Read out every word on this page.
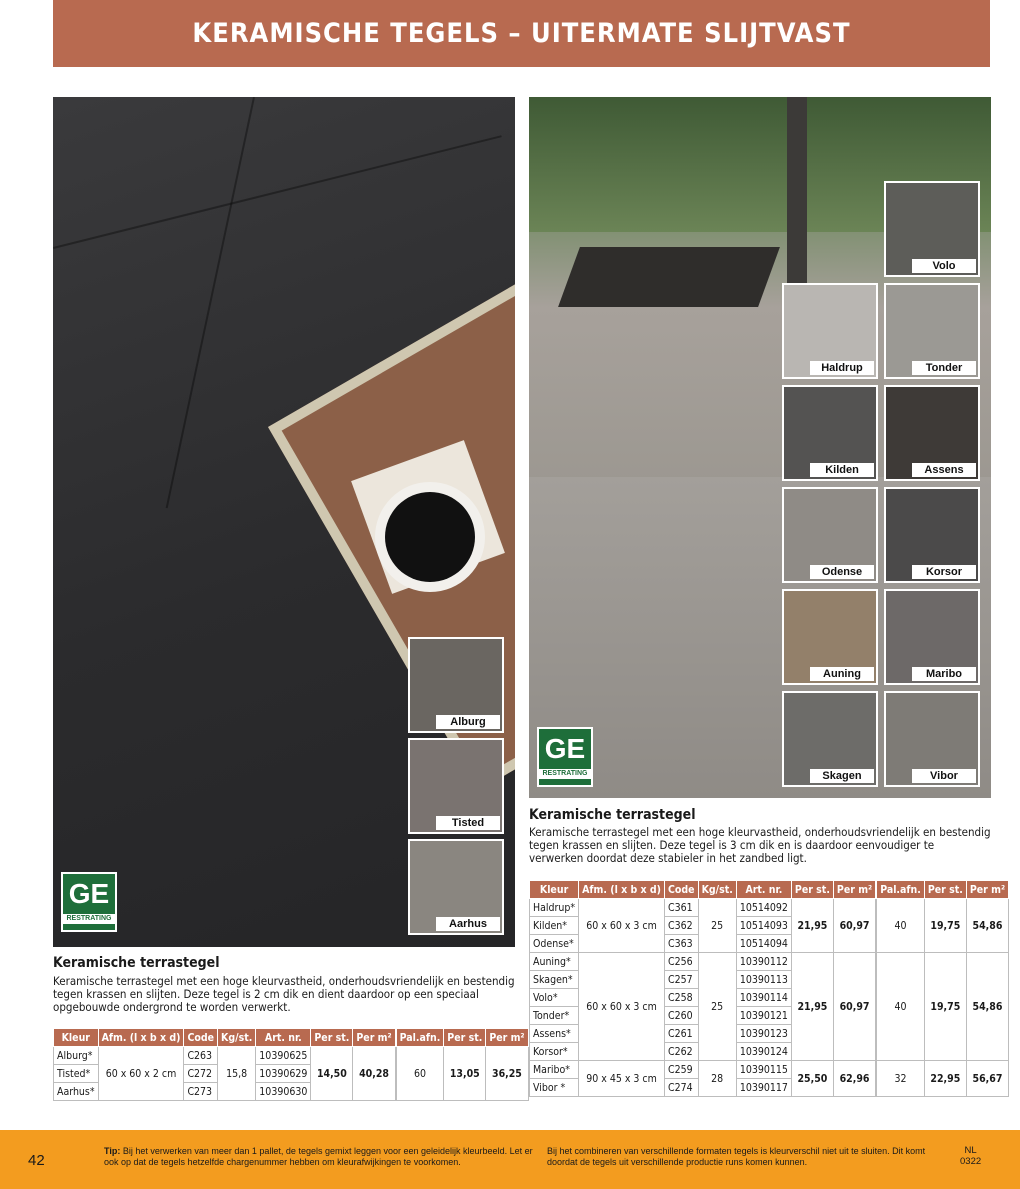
KERAMISCHE TEGELS – UITERMATE SLIJTVAST
GE
RESTRATING
Alburg
Tisted
Aarhus
GE
RESTRATING
Volo
Haldrup	Tonder
Kilden	Assens
Odense	Korsor
Auning	Maribo
Skagen	Vibor
Keramische terrastegel
Keramische terrastegel met een hoge kleurvastheid, onderhoudsvriendelijk en bestendig tegen krassen en slijten. Deze tegel is 2 cm dik en dient daardoor op een speciaal opgebouwde ondergrond te worden verwerkt.
Kleur	Afm. (l x b x d)	Code	Kg/st.	Art. nr.	Per st.	Per m²		Pal.afn.	Per st.	Per m²
Alburg*	60 x 60 x 2 cm	C263	15,8	10390625	14,50	40,28		60	13,05	36,25
Tisted*		C272		10390629					
Aarhus*		C273		10390630					
Keramische terrastegel
Keramische terrastegel met een hoge kleurvastheid, onderhoudsvriendelijk en bestendig tegen krassen en slijten. Deze tegel is 3 cm dik en is daardoor eenvoudiger te verwerken doordat deze stabieler in het zandbed ligt.
Kleur	Afm. (l x b x d)	Code	Kg/st.	Art. nr.	Per st.	Per m²		Pal.afn.	Per st.	Per m²
Haldrup*	60 x 60 x 3 cm	C361	25	10514092	21,95	60,97		40	19,75	54,86
Kilden*		C362		10514093					
Odense*		C363		10514094					
Auning*	60 x 60 x 3 cm	C256	25	10390112	21,95	60,97		40	19,75	54,86
Skagen*		C257		10390113					
Volo*		C258		10390114					
Tonder*		C260		10390121					
Assens*		C261		10390123					
Korsor*		C262		10390124					
Maribo*	90 x 45 x 3 cm	C259	28	10390115	25,50	62,96		32	22,95	56,67
Vibor *		C274		10390117					
42
Tip: Bij het verwerken van meer dan 1 pallet, de tegels gemixt leggen voor een geleidelijk kleurbeeld. Let er ook op dat de tegels hetzelfde chargenummer hebben om kleurafwijkingen te voorkomen.
Bij het combineren van verschillende formaten tegels is kleurverschil niet uit te sluiten. Dit komt doordat de tegels uit verschillende productie runs komen kunnen.
NL
0322
